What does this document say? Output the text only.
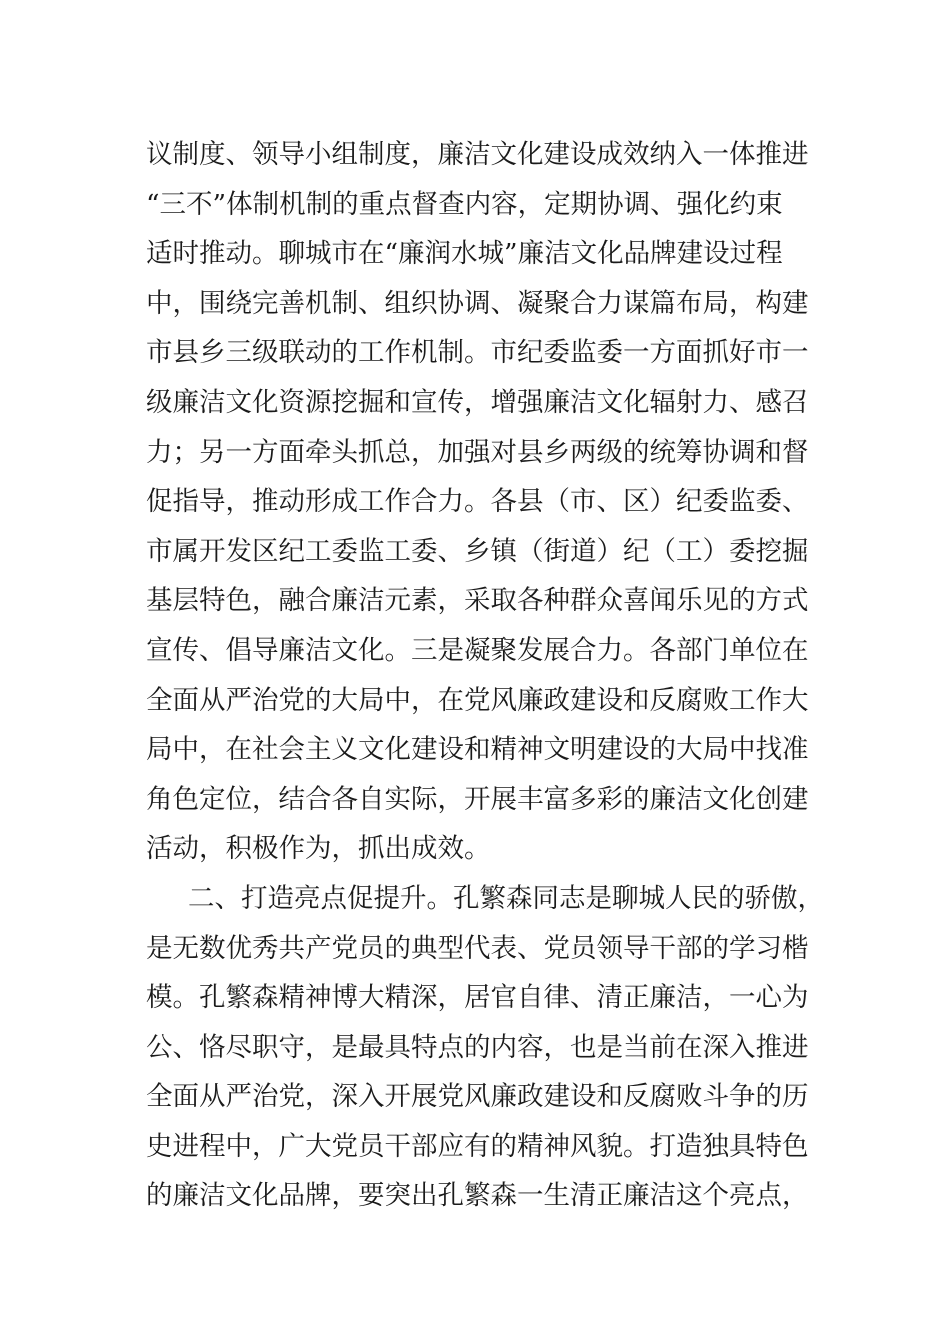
议制度、领导小组制度，廉洁文化建设成效纳入一体推进
“三不”体制机制的重点督查内容，定期协调、强化约束
适时推动。聊城市在“廉润水城”廉洁文化品牌建设过程
中，围绕完善机制、组织协调、凝聚合力谋篇布局，构建
市县乡三级联动的工作机制。市纪委监委一方面抓好市一
级廉洁文化资源挖掘和宣传，增强廉洁文化辐射力、感召
力；另一方面牵头抓总，加强对县乡两级的统筹协调和督
促指导，推动形成工作合力。各县（市、区）纪委监委、
市属开发区纪工委监工委、乡镇（街道）纪（工）委挖掘
基层特色，融合廉洁元素，采取各种群众喜闻乐见的方式
宣传、倡导廉洁文化。三是凝聚发展合力。各部门单位在
全面从严治党的大局中，在党风廉政建设和反腐败工作大
局中，在社会主义文化建设和精神文明建设的大局中找准
角色定位，结合各自实际，开展丰富多彩的廉洁文化创建
活动，积极作为，抓出成效。
二、打造亮点促提升。孔繁森同志是聊城人民的骄傲，
是无数优秀共产党员的典型代表、党员领导干部的学习楷
模。孔繁森精神博大精深，居官自律、清正廉洁，一心为
公、恪尽职守，是最具特点的内容，也是当前在深入推进
全面从严治党，深入开展党风廉政建设和反腐败斗争的历
史进程中，广大党员干部应有的精神风貌。打造独具特色
的廉洁文化品牌，要突出孔繁森一生清正廉洁这个亮点，
